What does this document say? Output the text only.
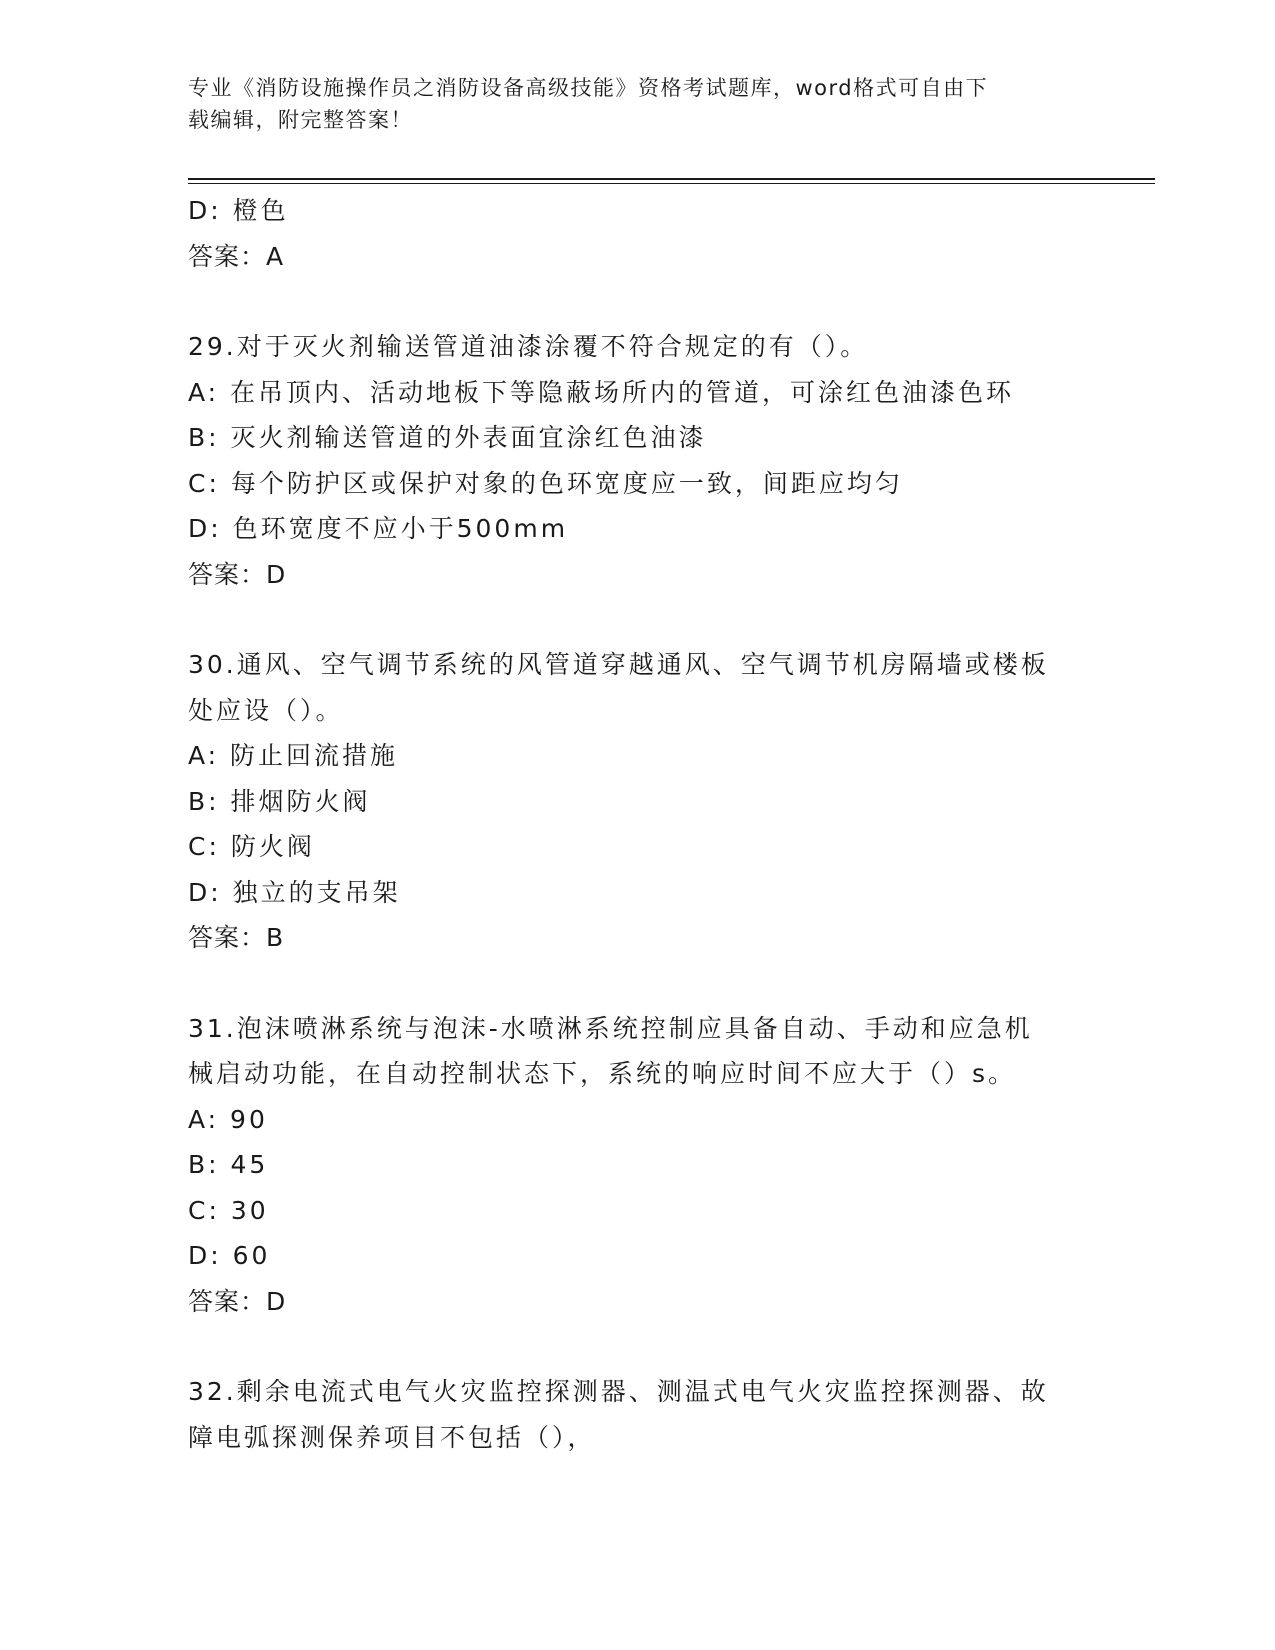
专业《消防设施操作员之消防设备高级技能》资格考试题库，word格式可自由下
载编辑，附完整答案！
D: 橙色
答案：A
29.对于灭火剂输送管道油漆涂覆不符合规定的有（）。
A: 在吊顶内、活动地板下等隐蔽场所内的管道，可涂红色油漆色环
B: 灭火剂输送管道的外表面宜涂红色油漆
C: 每个防护区或保护对象的色环宽度应一致，间距应均匀
D: 色环宽度不应小于500mm
答案：D
30.通风、空气调节系统的风管道穿越通风、空气调节机房隔墙或楼板
处应设（）。
A: 防止回流措施
B: 排烟防火阀
C: 防火阀
D: 独立的支吊架
答案：B
31.泡沫喷淋系统与泡沫-水喷淋系统控制应具备自动、手动和应急机
械启动功能，在自动控制状态下，系统的响应时间不应大于（）s。
A: 90
B: 45
C: 30
D: 60
答案：D
32.剩余电流式电气火灾监控探测器、测温式电气火灾监控探测器、故
障电弧探测保养项目不包括（），
